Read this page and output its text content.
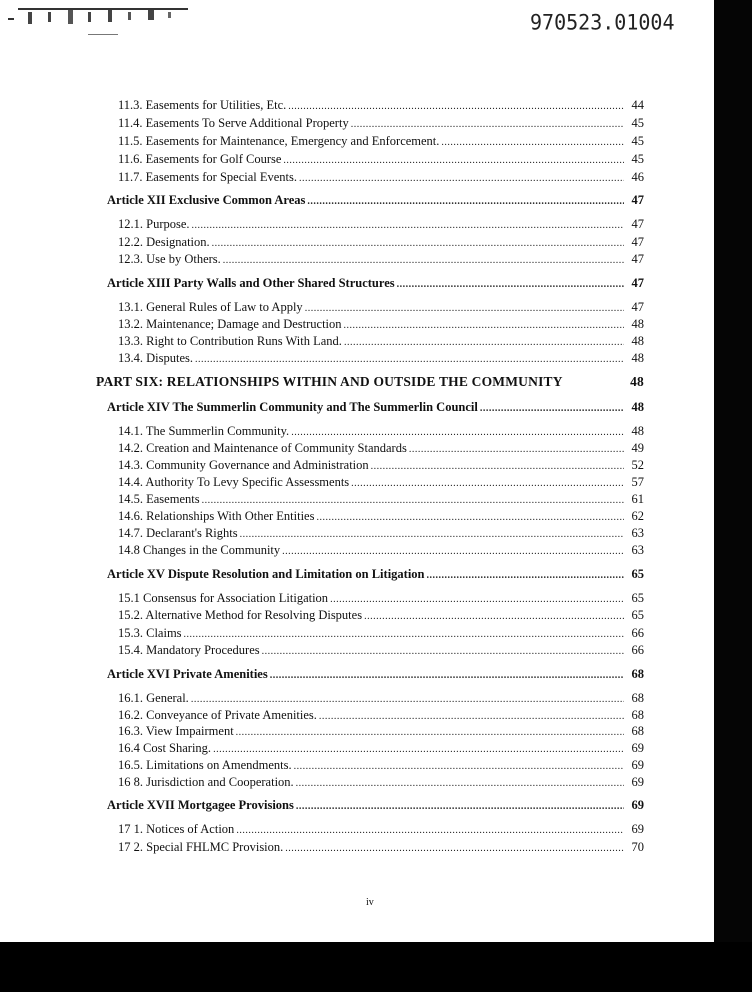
970523.01004
11.3. Easements for Utilities, Etc. .....	44
11.4. Easements To Serve Additional Property .....	45
11.5. Easements for Maintenance, Emergency and Enforcement. .....	45
11.6. Easements for Golf Course .....	45
11.7. Easements for Special Events. .....	46
Article XII Exclusive Common Areas .....	47
12.1. Purpose. .....	47
12.2. Designation. .....	47
12.3. Use by Others. .....	47
Article XIII Party Walls and Other Shared Structures .....	47
13.1. General Rules of Law to Apply .....	47
13.2. Maintenance; Damage and Destruction .....	48
13.3. Right to Contribution Runs With Land. .....	48
13.4. Disputes. .....	48
PART SIX: RELATIONSHIPS WITHIN AND OUTSIDE THE COMMUNITY	48
Article XIV The Summerlin Community and The Summerlin Council .....	48
14.1. The Summerlin Community. .....	48
14.2. Creation and Maintenance of Community Standards .....	49
14.3. Community Governance and Administration .....	52
14.4. Authority To Levy Specific Assessments .....	57
14.5. Easements .....	61
14.6. Relationships With Other Entities .....	62
14.7. Declarant's Rights .....	63
14.8 Changes in the Community .....	63
Article XV Dispute Resolution and Limitation on Litigation .....	65
15.1 Consensus for Association Litigation .....	65
15.2. Alternative Method for Resolving Disputes .....	65
15.3. Claims .....	66
15.4. Mandatory Procedures .....	66
Article XVI Private Amenities .....	68
16.1. General. .....	68
16.2. Conveyance of Private Amenities. .....	68
16.3. View Impairment .....	68
16.4 Cost Sharing. .....	69
16.5. Limitations on Amendments. .....	69
16 8. Jurisdiction and Cooperation. .....	69
Article XVII Mortgagee Provisions .....	69
17 1. Notices of Action .....	69
17 2. Special FHLMC Provision. .....	70
iv
